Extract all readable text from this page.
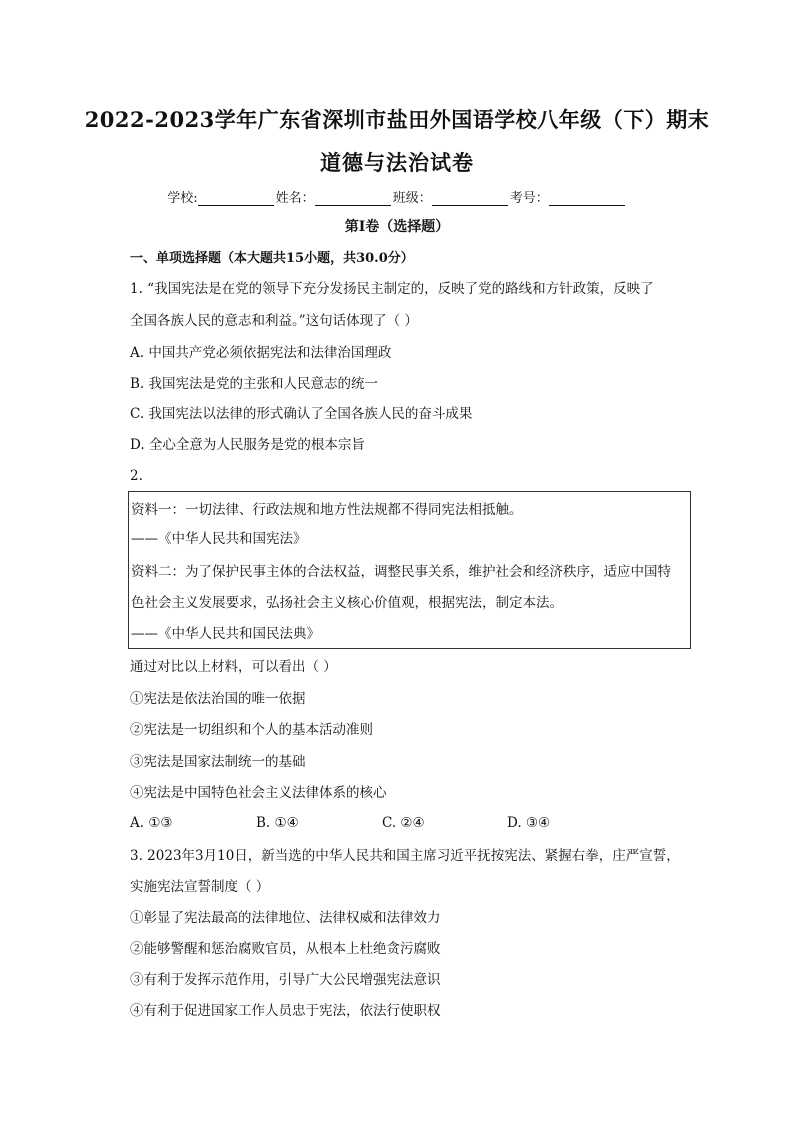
2022-2023学年广东省深圳市盐田外国语学校八年级（下）期末
道德与法治试卷
学校:	姓名：	班级：	考号：
第I卷（选择题）
一、单项选择题（本大题共15小题，共30.0分）
1. “我国宪法是在党的领导下充分发扬民主制定的，反映了党的路线和方针政策，反映了
全国各族人民的意志和利益。”这句话体现了（ ）
A. 中国共产党必须依据宪法和法律治国理政
B. 我国宪法是党的主张和人民意志的统一
C. 我国宪法以法律的形式确认了全国各族人民的奋斗成果
D. 全心全意为人民服务是党的根本宗旨
2.
资料一：一切法律、行政法规和地方性法规都不得同宪法相抵触。
——《中华人民共和国宪法》
资料二：为了保护民事主体的合法权益，调整民事关系，维护社会和经济秩序，适应中国特
色社会主义发展要求，弘扬社会主义核心价值观，根据宪法，制定本法。
——《中华人民共和国民法典》
通过对比以上材料，可以看出（ ）
①宪法是依法治国的唯一依据
②宪法是一切组织和个人的基本活动准则
③宪法是国家法制统一的基础
④宪法是中国特色社会主义法律体系的核心
A. ①③	B. ①④	C. ②④	D. ③④
3. 2023年3月10日，新当选的中华人民共和国主席习近平抚按宪法、紧握右拳，庄严宣誓，
实施宪法宣誓制度（ ）
①彰显了宪法最高的法律地位、法律权威和法律效力
②能够警醒和惩治腐败官员，从根本上杜绝贪污腐败
③有利于发挥示范作用，引导广大公民增强宪法意识
④有利于促进国家工作人员忠于宪法，依法行使职权
